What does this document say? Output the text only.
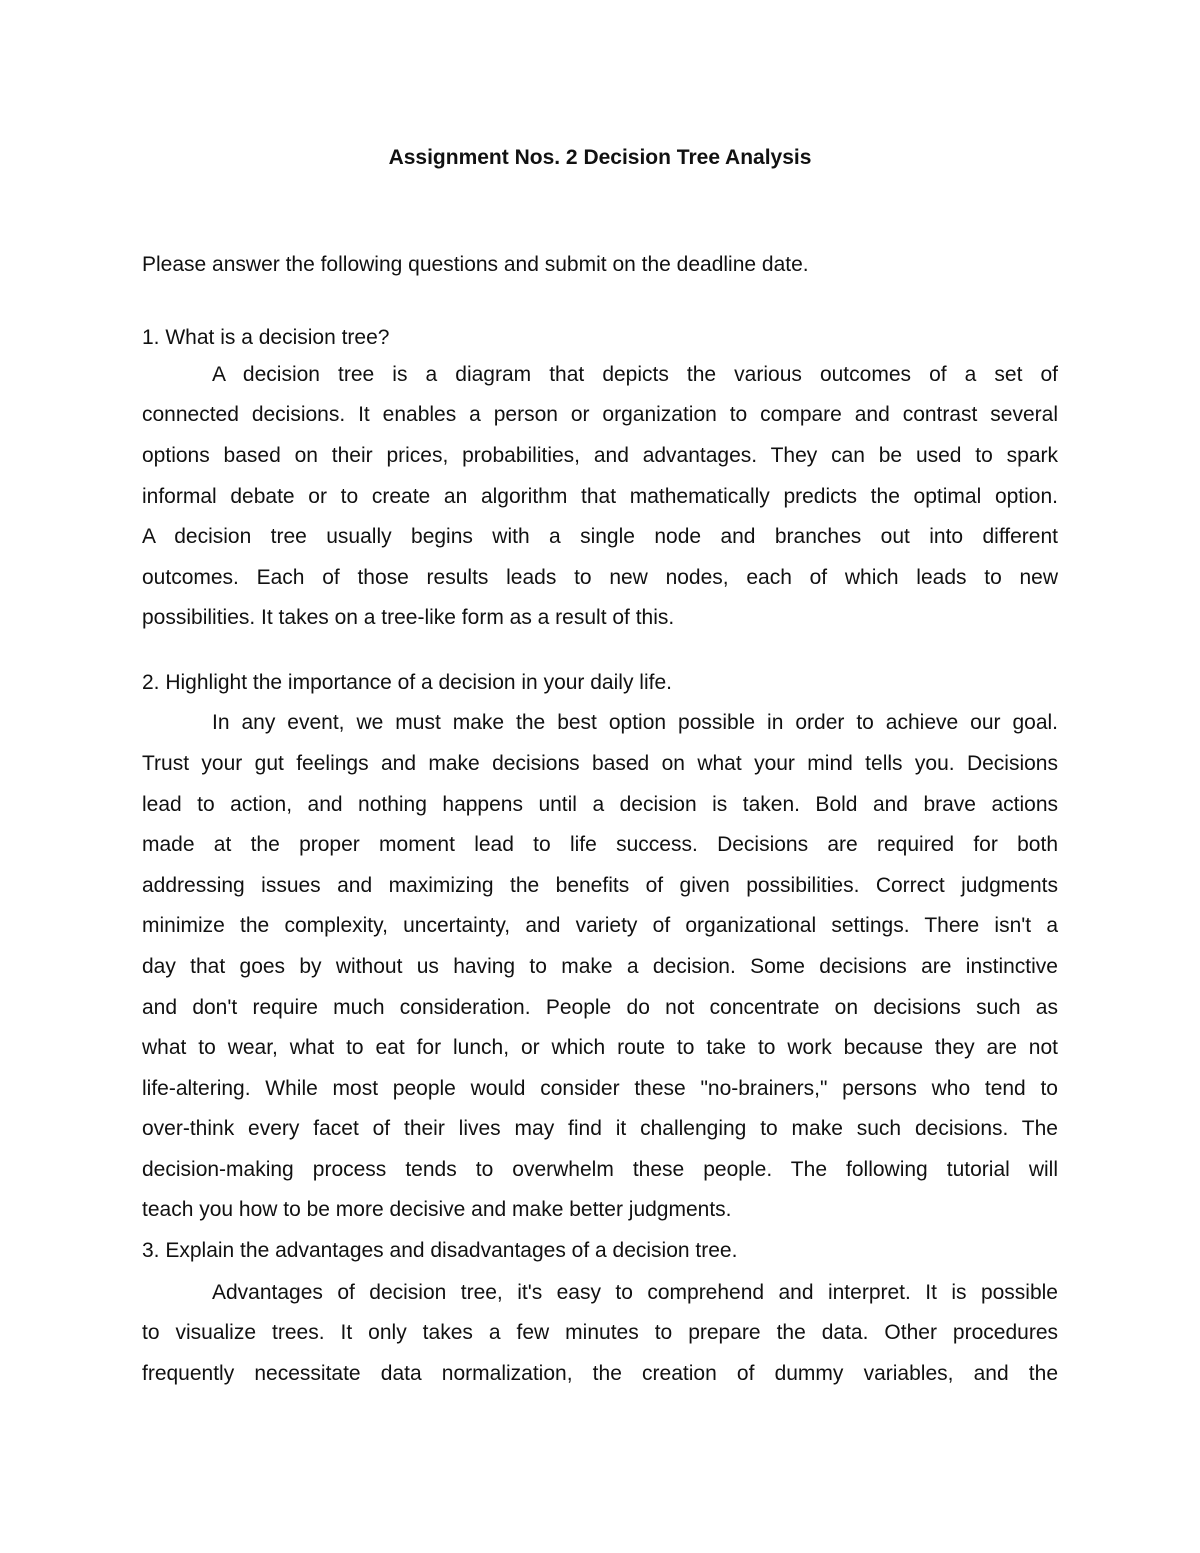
Assignment Nos. 2 Decision Tree Analysis
Please answer the following questions and submit on the deadline date.
1. What is a decision tree?
A decision tree is a diagram that depicts the various outcomes of a set of
connected decisions. It enables a person or organization to compare and contrast several
options based on their prices, probabilities, and advantages. They can be used to spark
informal debate or to create an algorithm that mathematically predicts the optimal option.
A decision tree usually begins with a single node and branches out into different
outcomes. Each of those results leads to new nodes, each of which leads to new
possibilities. It takes on a tree-like form as a result of this.
2. Highlight the importance of a decision in your daily life.
In any event, we must make the best option possible in order to achieve our goal.
Trust your gut feelings and make decisions based on what your mind tells you. Decisions
lead to action, and nothing happens until a decision is taken. Bold and brave actions
made at the proper moment lead to life success. Decisions are required for both
addressing issues and maximizing the benefits of given possibilities. Correct judgments
minimize the complexity, uncertainty, and variety of organizational settings. There isn't a
day that goes by without us having to make a decision. Some decisions are instinctive
and don't require much consideration. People do not concentrate on decisions such as
what to wear, what to eat for lunch, or which route to take to work because they are not
life-altering. While most people would consider these "no-brainers," persons who tend to
over-think every facet of their lives may find it challenging to make such decisions. The
decision-making process tends to overwhelm these people. The following tutorial will
teach you how to be more decisive and make better judgments.
3. Explain the advantages and disadvantages of a decision tree.
Advantages of decision tree, it's easy to comprehend and interpret. It is possible
to visualize trees. It only takes a few minutes to prepare the data. Other procedures
frequently necessitate data normalization, the creation of dummy variables, and the
